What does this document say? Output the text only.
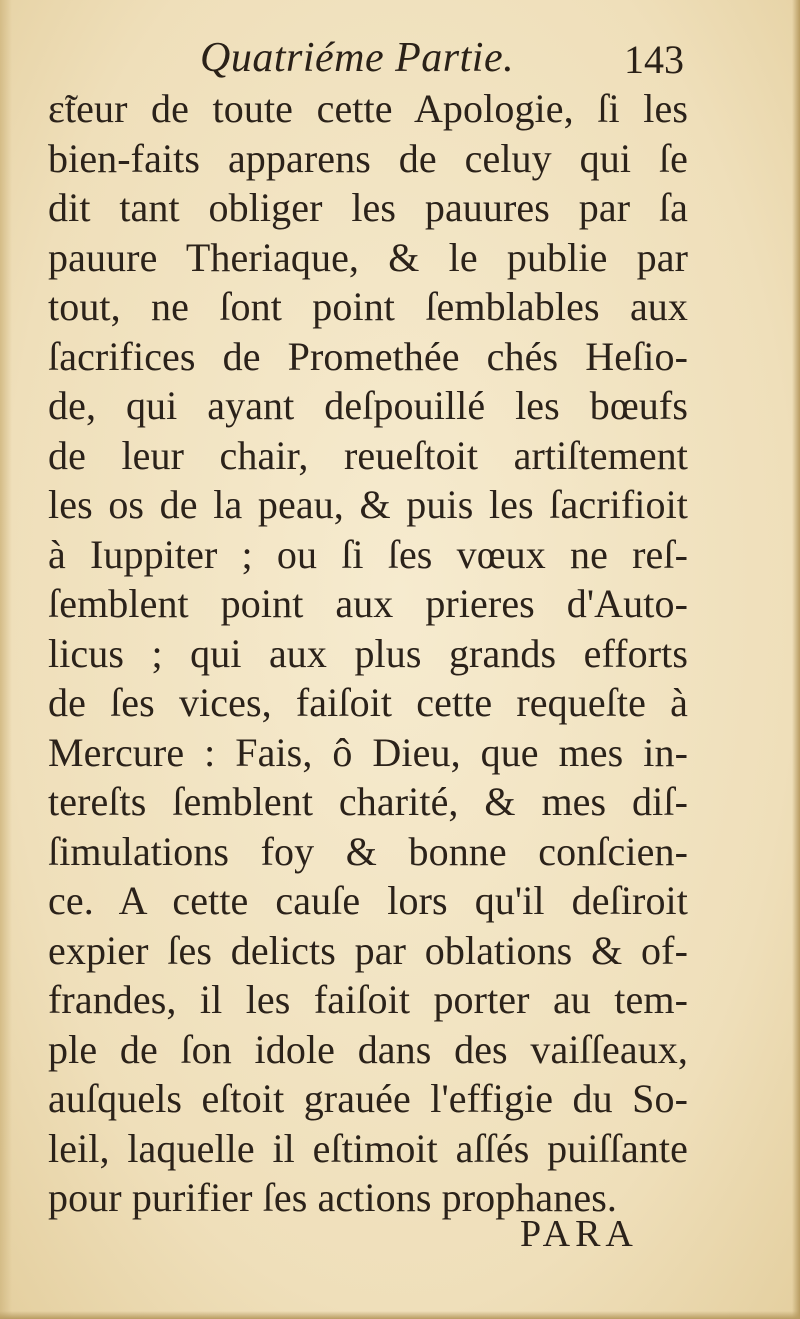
Quatriéme Partie.	143
ɛ̃teur de toute cette Apologie, ſi les
bien-faits apparens de celuy qui ſe
dit tant obliger les pauures par ſa
pauure Theriaque, & le publie par
tout, ne ſont point ſemblables aux
ſacrifices de Promethée chés Heſio-
de, qui ayant deſpouillé les bœufs
de leur chair, reueſtoit artiſtement
les os de la peau, & puis les ſacrifioit
à Iuppiter ; ou ſi ſes vœux ne reſ-
ſemblent point aux prieres d'Auto-
licus ; qui aux plus grands efforts
de ſes vices, faiſoit cette requeſte à
Mercure : Fais, ô Dieu, que mes in-
tereſts ſemblent charité, & mes diſ-
ſimulations foy & bonne conſcien-
ce. A cette cauſe lors qu'il deſiroit
expier ſes delicts par oblations & of-
frandes, il les faiſoit porter au tem-
ple de ſon idole dans des vaiſſeaux,
auſquels eſtoit grauée l'effigie du So-
leil, laquelle il eſtimoit aſſés puiſſante
pour purifier ſes actions prophanes.
PARA
